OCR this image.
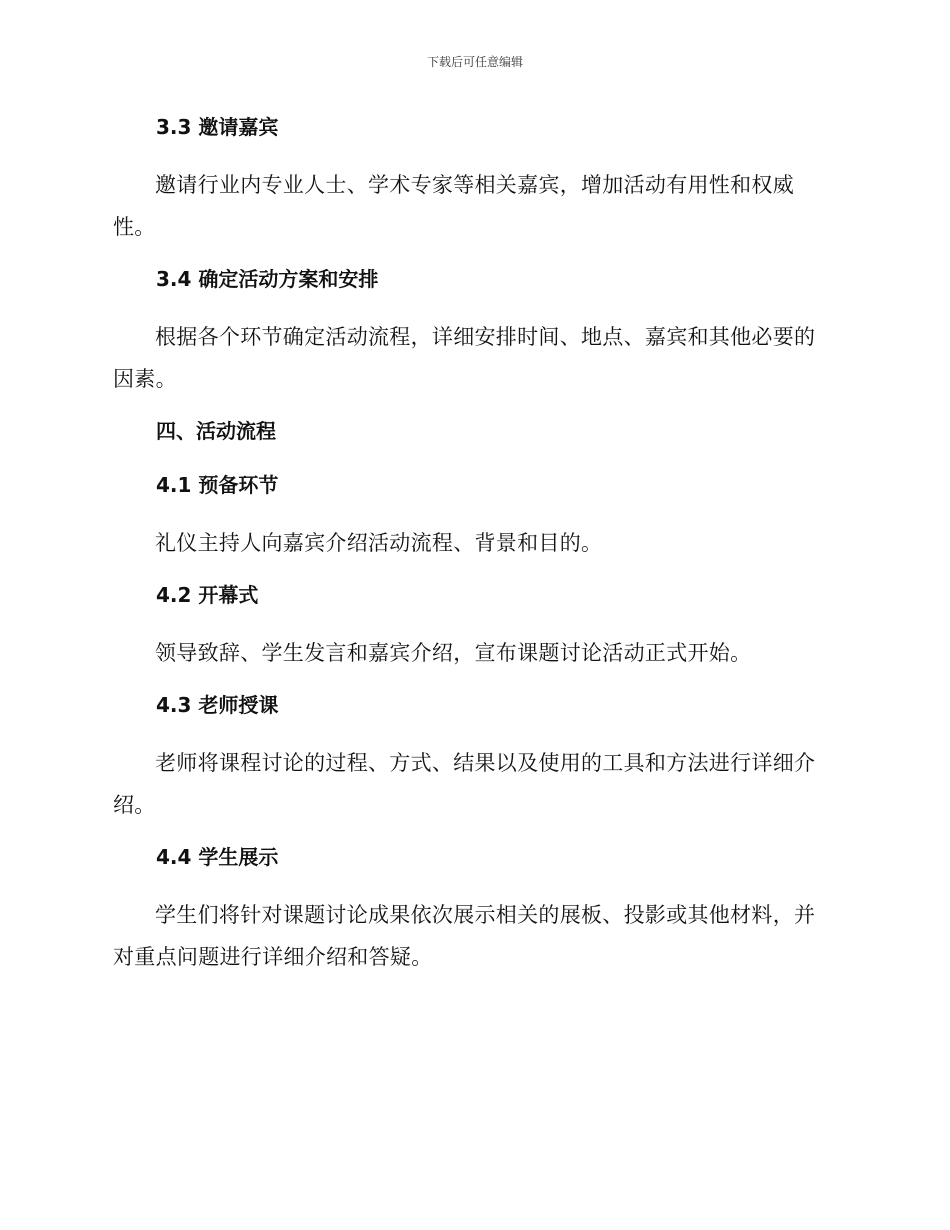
下载后可任意编辑
3.3 邀请嘉宾

邀请行业内专业人士、学术专家等相关嘉宾，增加活动有用性和权威性。

3.4 确定活动方案和安排

根据各个环节确定活动流程，详细安排时间、地点、嘉宾和其他必要的因素。

四、活动流程
4.1 预备环节

礼仪主持人向嘉宾介绍活动流程、背景和目的。

4.2 开幕式

领导致辞、学生发言和嘉宾介绍，宣布课题讨论活动正式开始。

4.3 老师授课

老师将课程讨论的过程、方式、结果以及使用的工具和方法进行详细介绍。

4.4 学生展示

学生们将针对课题讨论成果依次展示相关的展板、投影或其他材料，并对重点问题进行详细介绍和答疑。
